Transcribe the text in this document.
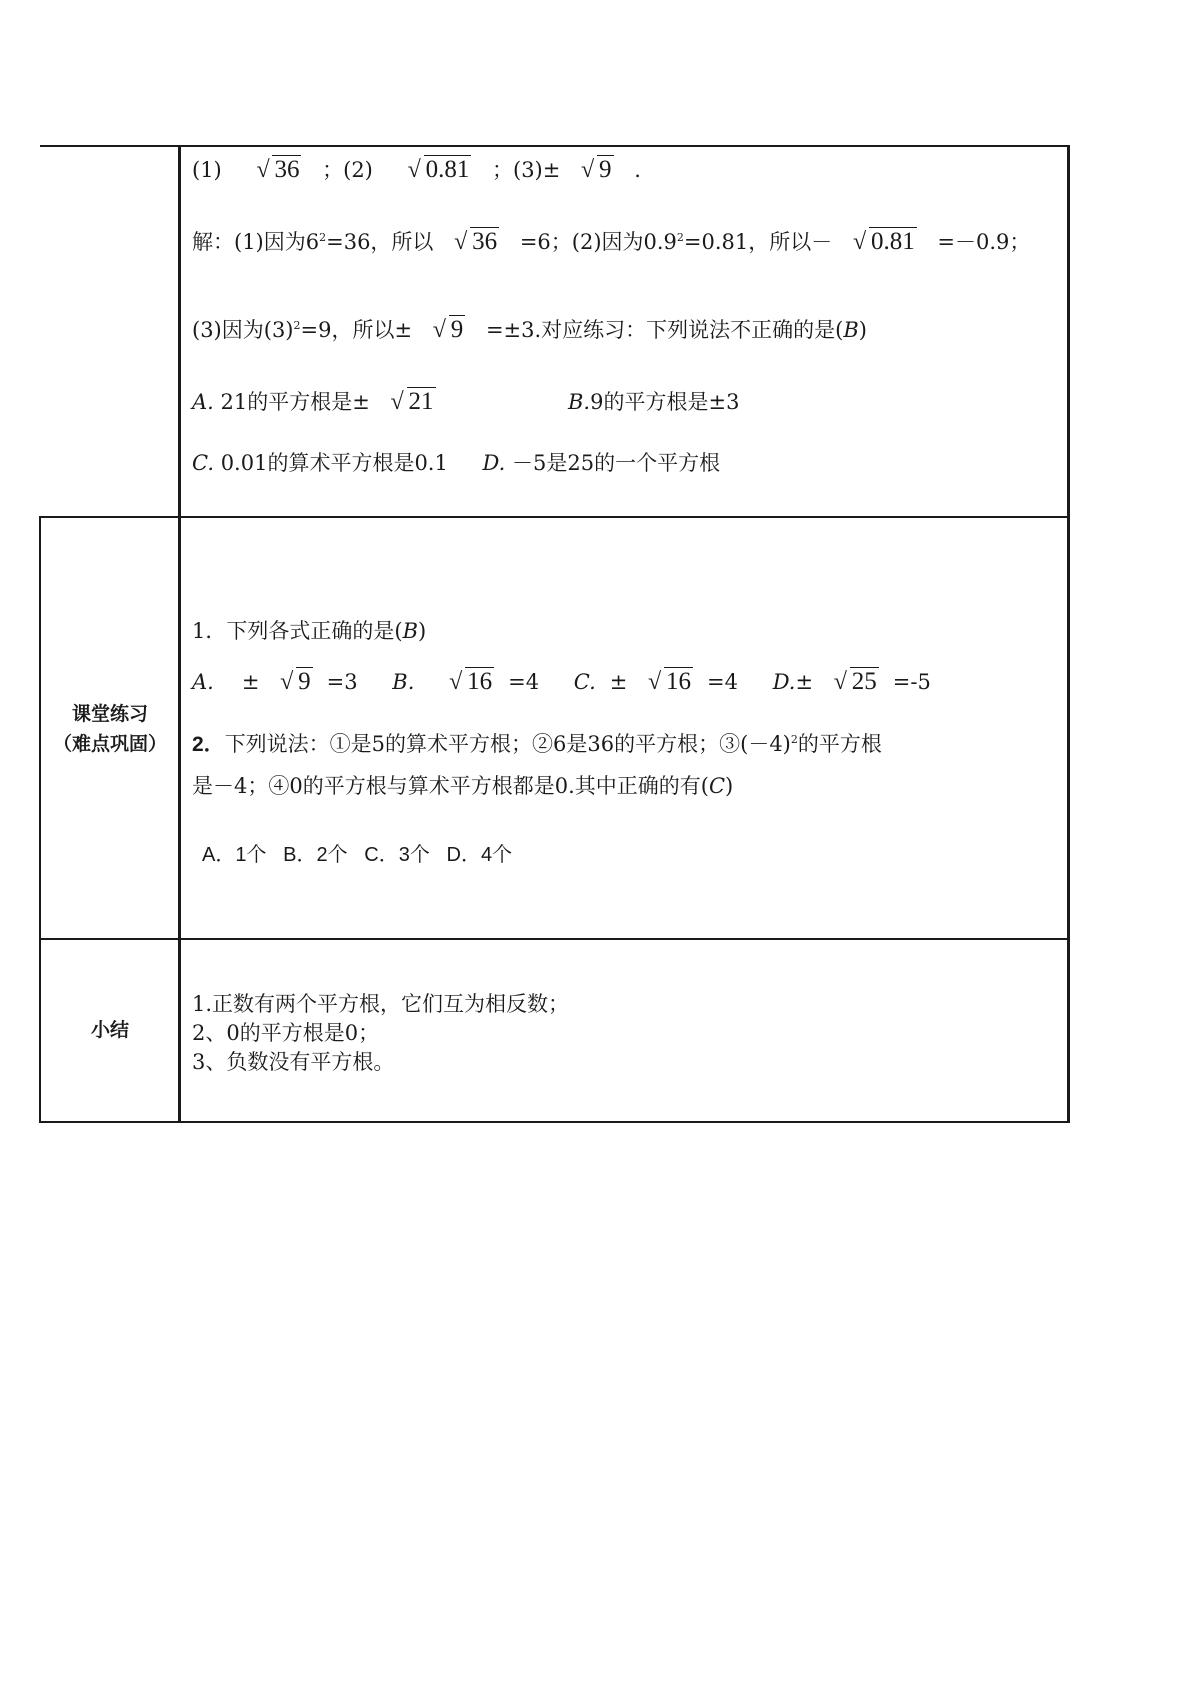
(1) √ 36 ；(2) √ 0.81 ；(3)± √ 9 .
解：(1)因为$6^2=36$，所以 √ 36 =6；(2)因为$0.9^2=0.81$，所以－ √ 0.81 =－0.9；
(3)因为$(3)^2=9$，所以± √ 9 =±3.对应练习：下列说法不正确的是(B)
A. 21的平方根是± √ 21	B.9的平方根是±3
C. 0.01的算术平方根是0.1 D. －5是25的一个平方根
课堂练习
（难点巩固）
1．下列各式正确的是(B)
A. ± √ 9 =3 B. √ 16 =4 C. ± √ 16 =4 D.± √ 25 =-5
2．下列说法：①是5的算术平方根；②6是36的平方根；$③(-4)^2$的平方根
是－4；④0的平方根与算术平方根都是0.其中正确的有(C)

A．1个   B．2个   C．3个   D．4个

小结
1.正数有两个平方根，它们互为相反数；
2、0的平方根是0；
3、负数没有平方根。
